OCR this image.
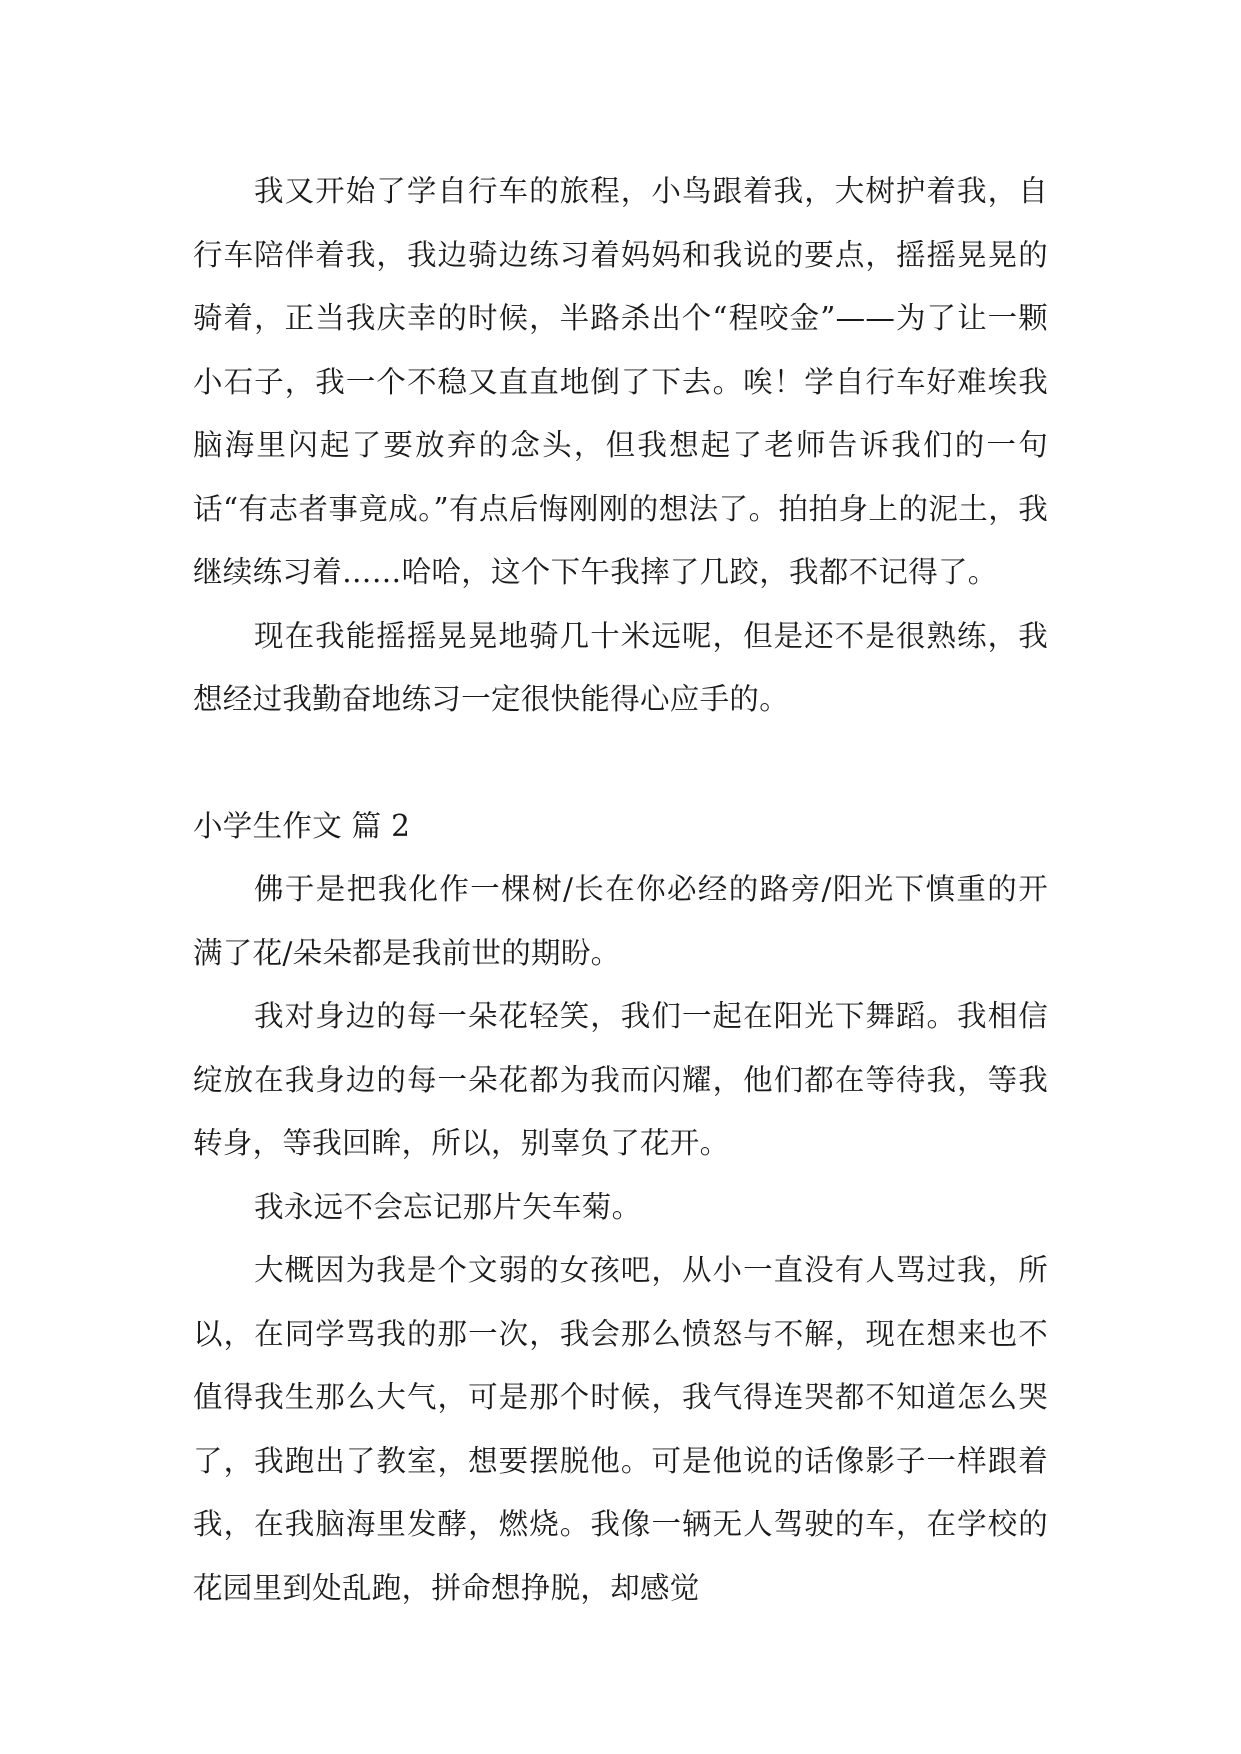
我又开始了学自行车的旅程，小鸟跟着我，大树护着我，自行车陪伴着我，我边骑边练习着妈妈和我说的要点，摇摇晃晃的骑着，正当我庆幸的时候，半路杀出个“程咬金”——为了让一颗小石子，我一个不稳又直直地倒了下去。唉！学自行车好难埃我脑海里闪起了要放弃的念头，但我想起了老师告诉我们的一句话“有志者事竟成。”有点后悔刚刚的想法了。拍拍身上的泥土，我继续练习着……哈哈，这个下午我摔了几跤，我都不记得了。

现在我能摇摇晃晃地骑几十米远呢，但是还不是很熟练，我想经过我勤奋地练习一定很快能得心应手的。

小学生作文 篇 2

佛于是把我化作一棵树/长在你必经的路旁/阳光下慎重的开满了花/朵朵都是我前世的期盼。

我对身边的每一朵花轻笑，我们一起在阳光下舞蹈。我相信绽放在我身边的每一朵花都为我而闪耀，他们都在等待我，等我转身，等我回眸，所以，别辜负了花开。

我永远不会忘记那片矢车菊。

大概因为我是个文弱的女孩吧，从小一直没有人骂过我，所以，在同学骂我的那一次，我会那么愤怒与不解，现在想来也不值得我生那么大气，可是那个时候，我气得连哭都不知道怎么哭了，我跑出了教室，想要摆脱他。可是他说的话像影子一样跟着我，在我脑海里发酵，燃烧。我像一辆无人驾驶的车，在学校的花园里到处乱跑，拼命想挣脱，却感觉
